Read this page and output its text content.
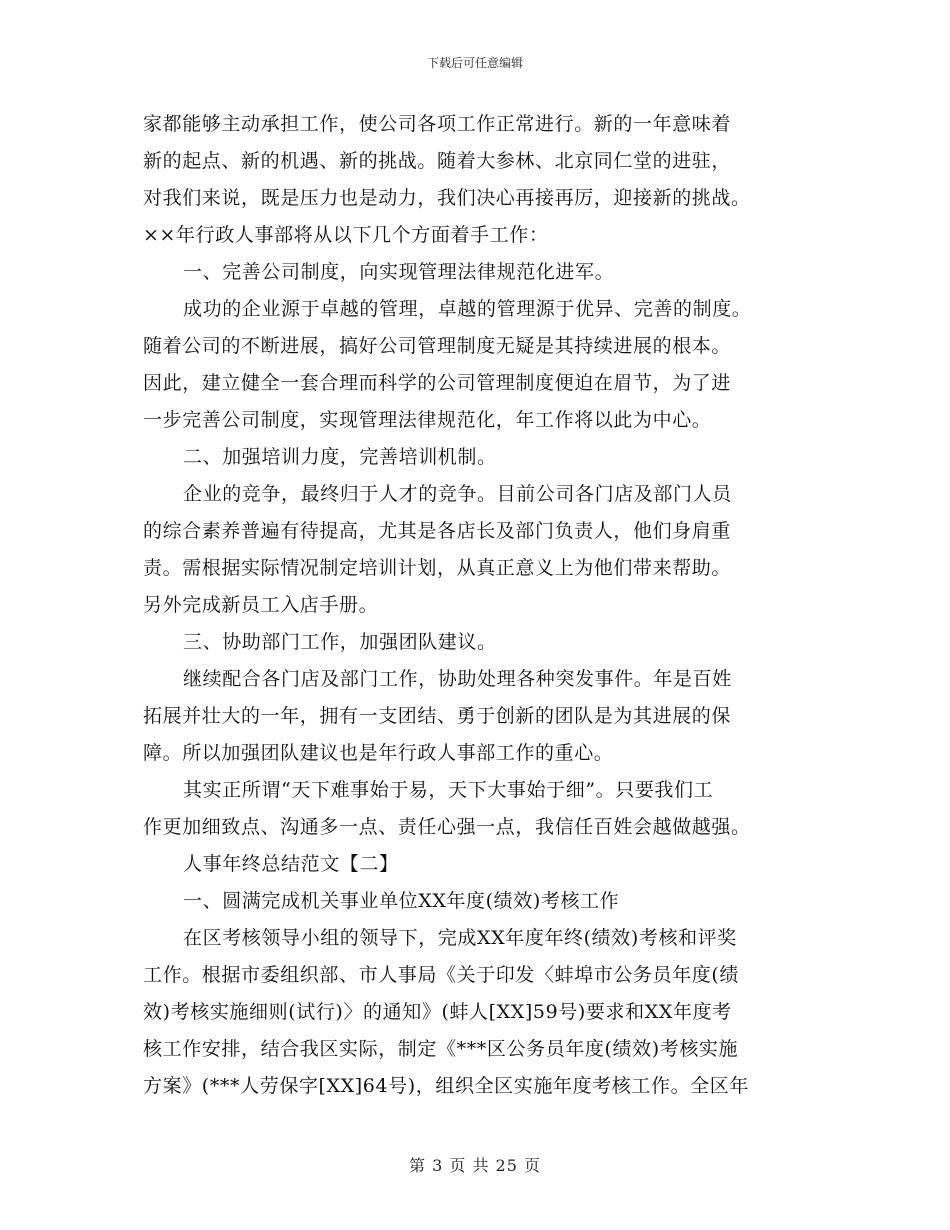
下载后可任意编辑
家都能够主动承担工作，使公司各项工作正常进行。新的一年意味着
新的起点、新的机遇、新的挑战。随着大参林、北京同仁堂的进驻，
对我们来说，既是压力也是动力，我们决心再接再厉，迎接新的挑战。
××年行政人事部将从以下几个方面着手工作：
一、完善公司制度，向实现管理法律规范化进军。
成功的企业源于卓越的管理，卓越的管理源于优异、完善的制度。
随着公司的不断进展，搞好公司管理制度无疑是其持续进展的根本。
因此，建立健全一套合理而科学的公司管理制度便迫在眉节，为了进
一步完善公司制度，实现管理法律规范化，年工作将以此为中心。
二、加强培训力度，完善培训机制。
企业的竞争，最终归于人才的竞争。目前公司各门店及部门人员
的综合素养普遍有待提高，尤其是各店长及部门负责人，他们身肩重
责。需根据实际情况制定培训计划，从真正意义上为他们带来帮助。
另外完成新员工入店手册。
三、协助部门工作，加强团队建议。
继续配合各门店及部门工作，协助处理各种突发事件。年是百姓
拓展并壮大的一年，拥有一支团结、勇于创新的团队是为其进展的保
障。所以加强团队建议也是年行政人事部工作的重心。
其实正所谓“天下难事始于易，天下大事始于细”。只要我们工
作更加细致点、沟通多一点、责任心强一点，我信任百姓会越做越强。
人事年终总结范文【二】
一、圆满完成机关事业单位XX年度(绩效)考核工作
在区考核领导小组的领导下，完成XX年度年终(绩效)考核和评奖
工作。根据市委组织部、市人事局《关于印发〈蚌埠市公务员年度(绩
效)考核实施细则(试行)〉的通知》(蚌人[XX]59号)要求和XX年度考
核工作安排，结合我区实际，制定《***区公务员年度(绩效)考核实施
方案》(***人劳保字[XX]64号)，组织全区实施年度考核工作。全区年
第 3 页 共 25 页
